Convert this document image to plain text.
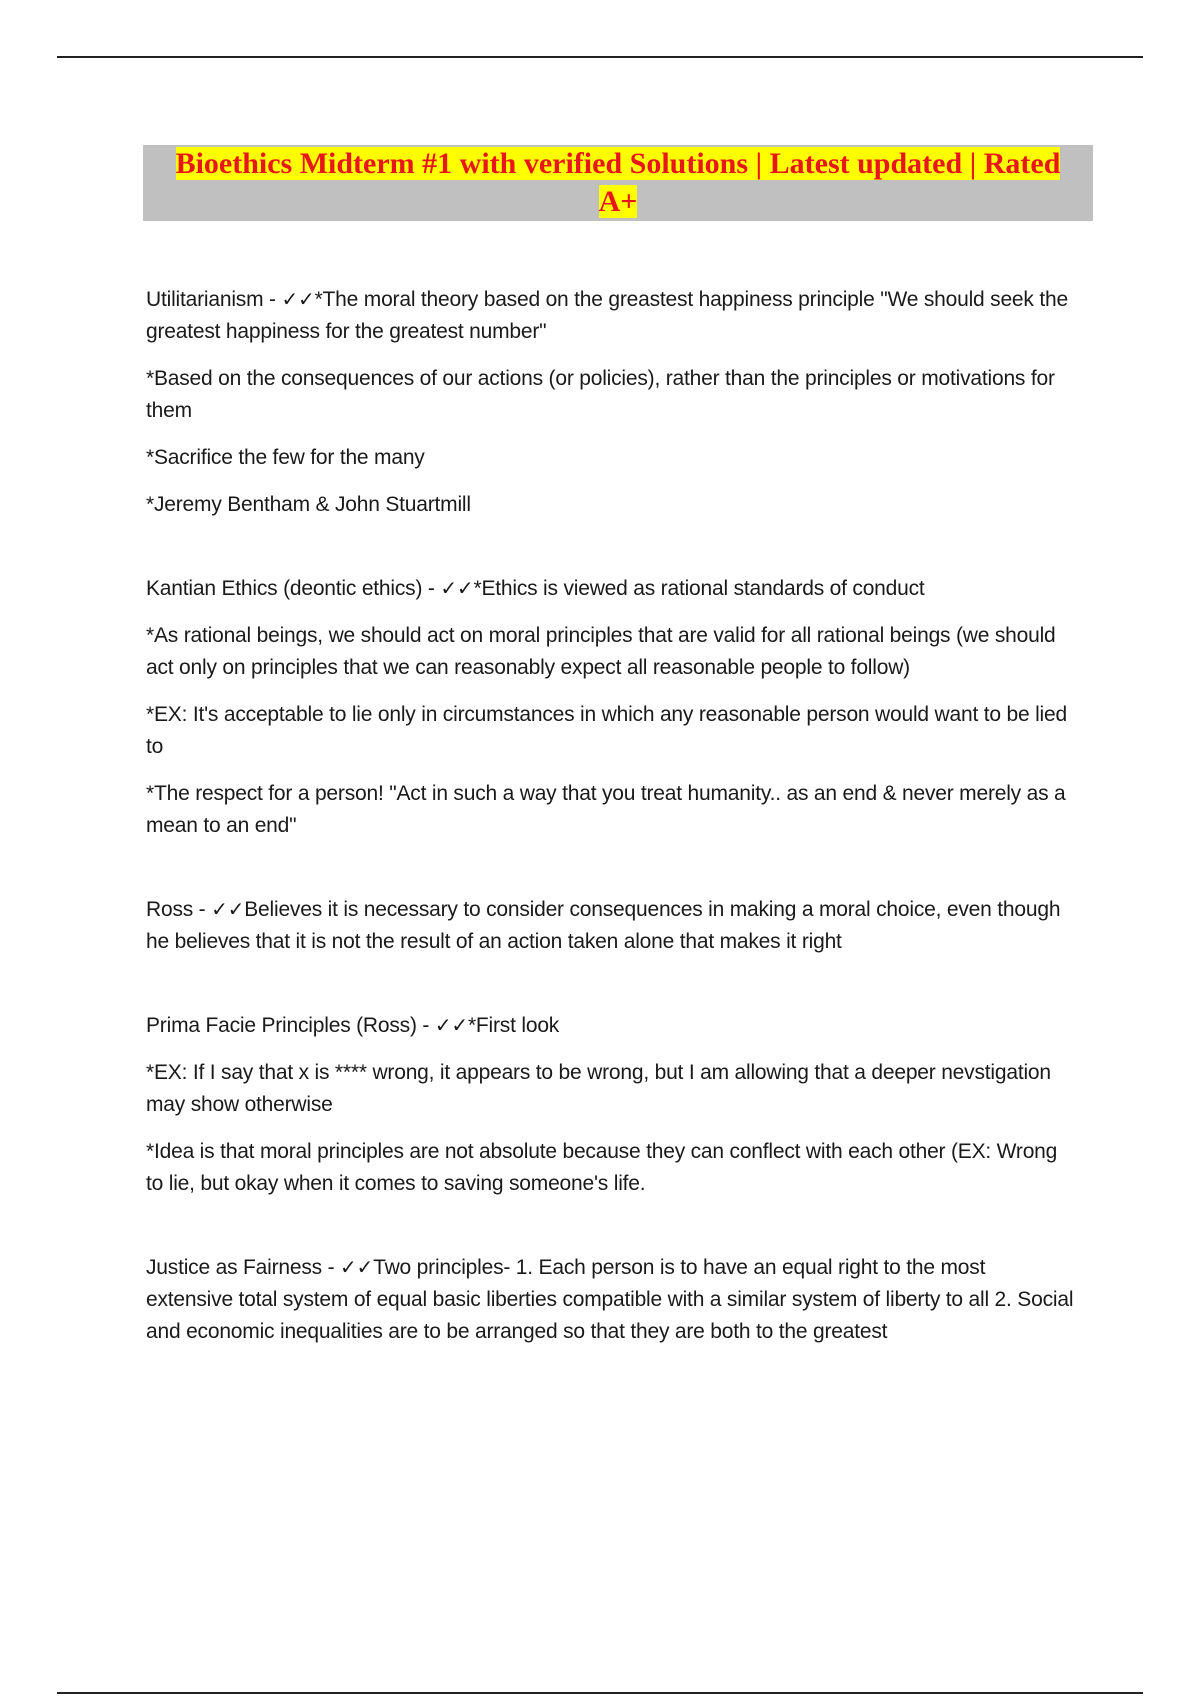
Bioethics Midterm #1 with verified Solutions | Latest updated | Rated A+

Utilitarianism - ✓✓*The moral theory based on the greastest happiness principle "We should seek the greatest happiness for the greatest number"

*Based on the consequences of our actions (or policies), rather than the principles or motivations for them

*Sacrifice the few for the many

*Jeremy Bentham & John Stuartmill

Kantian Ethics (deontic ethics) - ✓✓*Ethics is viewed as rational standards of conduct

*As rational beings, we should act on moral principles that are valid for all rational beings (we should act only on principles that we can reasonably expect all reasonable people to follow)

*EX: It's acceptable to lie only in circumstances in which any reasonable person would want to be lied to

*The respect for a person! "Act in such a way that you treat humanity.. as an end & never merely as a mean to an end"

Ross - ✓✓Believes it is necessary to consider consequences in making a moral choice, even though he believes that it is not the result of an action taken alone that makes it right

Prima Facie Principles (Ross) - ✓✓*First look

*EX: If I say that x is **** wrong, it appears to be wrong, but I am allowing that a deeper nevstigation may show otherwise

*Idea is that moral principles are not absolute because they can conflect with each other (EX: Wrong to lie, but okay when it comes to saving someone's life.

Justice as Fairness - ✓✓Two principles- 1. Each person is to have an equal right to the most extensive total system of equal basic liberties compatible with a similar system of liberty to all 2. Social and economic inequalities are to be arranged so that they are both to the greatest
